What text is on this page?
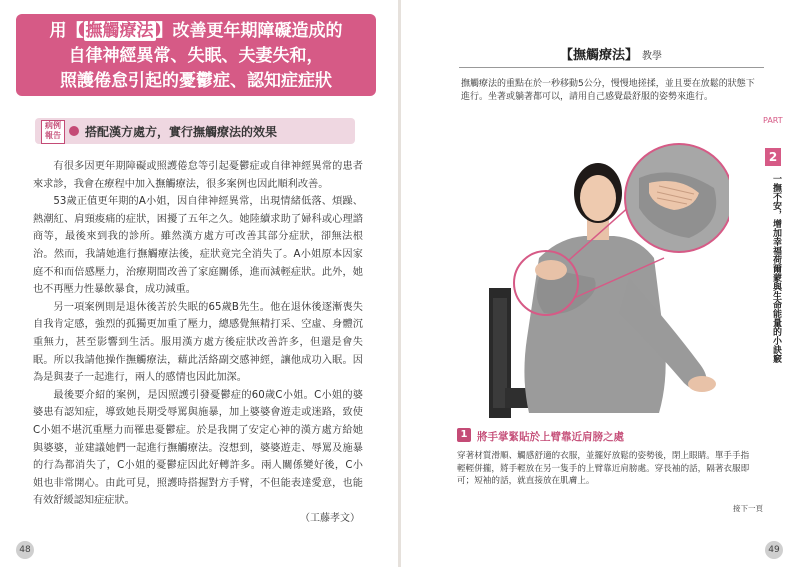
用【 撫觸療法 】改善更年期障礙造成的
自律神經異常、失眠、夫妻失和，
照護倦怠引起的憂鬱症、認知症症狀
病例報告	搭配漢方處方，實行撫觸療法的效果

有很多因更年期障礙或照護倦怠等引起憂鬱症或自律神經異常的患者來求診，我會在療程中加入撫觸療法，很多案例也因此順利改善。

53歲正值更年期的A小姐，因自律神經異常，出現情緒低落、煩躁、熱潮紅、肩頸痠痛的症狀，困擾了五年之久。她陸續求助了婦科或心理諮商等，最後來到我的診所。雖然漢方處方可改善其部分症狀，卻無法根治。然而，我請她進行撫觸療法後，症狀竟完全消失了。A小姐原本因家庭不和而倍感壓力，治療期間改善了家庭關係，進而減輕症狀。此外，她也不再壓力性暴飲暴食，成功減重。

另一項案例則是退休後苦於失眠的65歲B先生。他在退休後逐漸喪失自我肯定感，強烈的孤獨更加重了壓力，總感覺無精打采、空虛、身體沉重無力，甚至影響到生活。服用漢方處方後症狀改善許多，但還是會失眠。所以我請他操作撫觸療法，藉此活絡副交感神經，讓他成功入眠。因為是與妻子一起進行，兩人的感情也因此加深。

最後要介紹的案例，是因照護引發憂鬱症的60歲C小姐。C小姐的婆婆患有認知症，導致她長期受辱罵與施暴，加上婆婆會遊走或迷路，致使C小姐不堪沉重壓力而罹患憂鬱症。於是我開了安定心神的漢方處方給她與婆婆，並建議她們一起進行撫觸療法。沒想到，婆婆遊走、辱罵及施暴的行為都消失了，C小姐的憂鬱症因此好轉許多。兩人關係變好後，C小姐也非常開心。由此可見，照護時搭握對方手臂，不但能表達愛意，也能有效舒緩認知症症狀。

（工藤孝文）
48
【撫觸療法】 教學
撫觸療法的重點在於一秒移動5公分，慢慢地搓揉，並且要在放鬆的狀態下進行。坐著或躺著都可以，請用自己感覺最舒服的姿勢來進行。
PART
2
一撫不安，增加幸福荷爾蒙與生命能量的小訣竅
1 將手掌緊貼於上臂靠近肩膀之處
穿著材質滑順、觸感舒適的衣服，並擺好放鬆的姿勢後，閉上眼睛。單手手指輕輕併攏，將手輕放在另一隻手的上臂靠近肩膀處。穿長袖的話，隔著衣服即可；短袖的話，就直接放在肌膚上。
接下一頁
49
